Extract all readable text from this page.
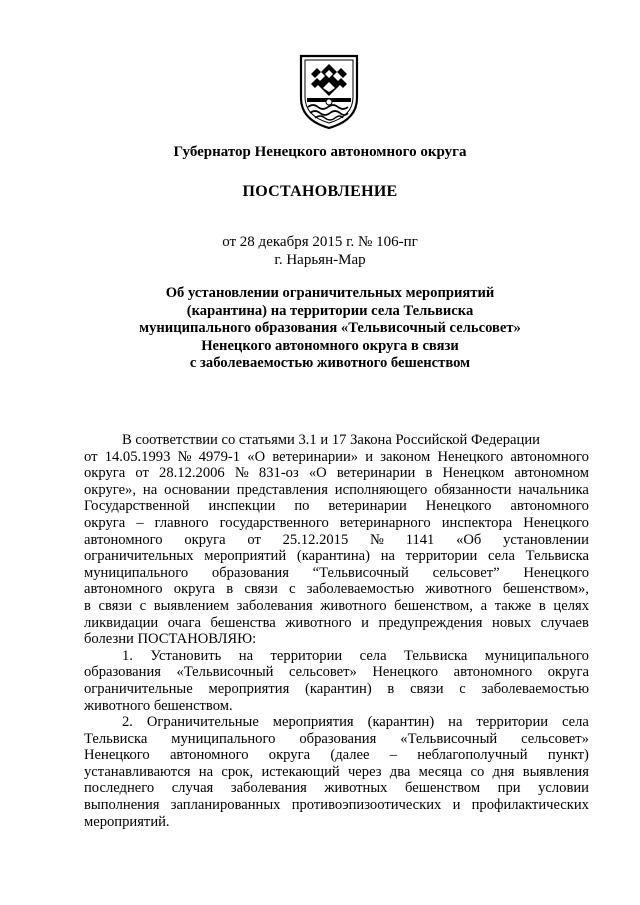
Губернатор Ненецкого автономного округа
ПОСТАНОВЛЕНИЕ
от 28 декабря 2015 г. № 106-пг
г. Нарьян-Мар
Об установлении ограничительных мероприятий
(карантина) на территории села Тельвиска
муниципального образования «Тельвисочный сельсовет»
Ненецкого автономного округа в связи
с заболеваемостью животного бешенством
В соответствии со статьями 3.1 и 17 Закона Российской Федерации
от 14.05.1993 № 4979-1 «О ветеринарии» и законом Ненецкого автономного
округа от 28.12.2006 № 831-оз «О ветеринарии в Ненецком автономном
округе», на основании представления исполняющего обязанности начальника
Государственной инспекции по ветеринарии Ненецкого автономного
округа – главного государственного ветеринарного инспектора Ненецкого
автономного округа от 25.12.2015 № 1141 «Об установлении
ограничительных мероприятий (карантина) на территории села Тельвиска
муниципального образования “Тельвисочный сельсовет” Ненецкого
автономного округа в связи с заболеваемостью животного бешенством»,
в связи с выявлением заболевания животного бешенством, а также в целях
ликвидации очага бешенства животного и предупреждения новых случаев
болезни ПОСТАНОВЛЯЮ:
1. Установить на территории села Тельвиска муниципального
образования «Тельвисочный сельсовет» Ненецкого автономного округа
ограничительные мероприятия (карантин) в связи с заболеваемостью
животного бешенством.
2. Ограничительные мероприятия (карантин) на территории села
Тельвиска муниципального образования «Тельвисочный сельсовет»
Ненецкого автономного округа (далее – неблагополучный пункт)
устанавливаются на срок, истекающий через два месяца со дня выявления
последнего случая заболевания животных бешенством при условии
выполнения запланированных противоэпизоотических и профилактических
мероприятий.
